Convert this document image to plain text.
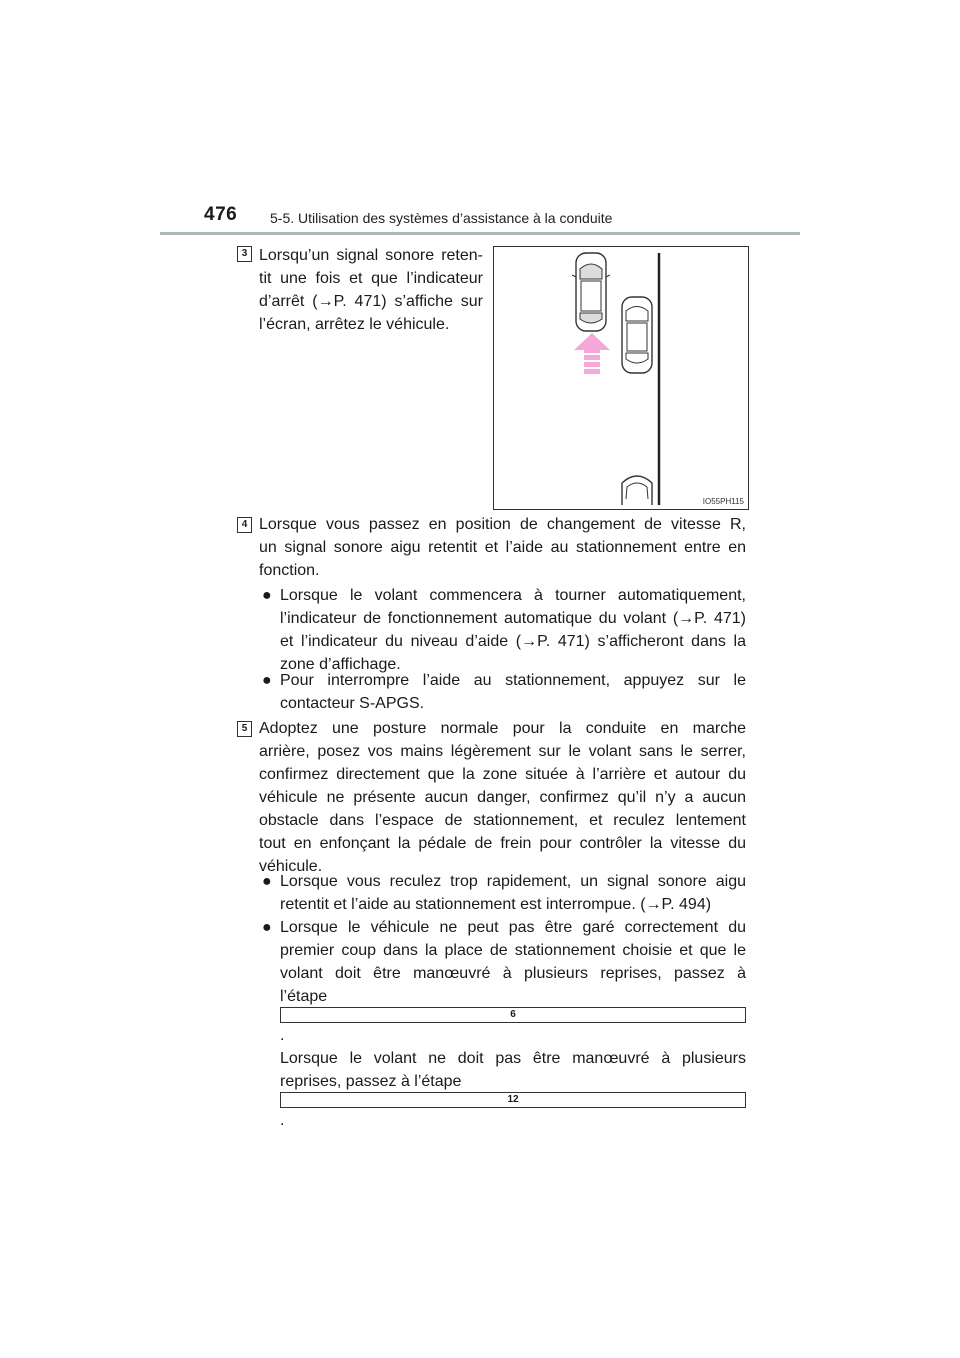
476 5-5. Utilisation des systèmes d’assistance à la conduite
3 Lorsqu’un signal sonore reten-
tit une fois et que l’indicateur
d’arrêt (→P. 471) s’affiche sur
l’écran, arrêtez le véhicule.
IO55PH115
4 Lorsque vous passez en position de changement de vitesse R,
un signal sonore aigu retentit et l’aide au stationnement entre en
fonction.
● Lorsque le volant commencera à tourner automatiquement,
l’indicateur de fonctionnement automatique du volant (→P. 471)
et l’indicateur du niveau d’aide (→P. 471) s’afficheront dans la
zone d’affichage.
● Pour interrompre l’aide au stationnement, appuyez sur le
contacteur S-APGS.
5 Adoptez une posture normale pour la conduite en marche
arrière, posez vos mains légèrement sur le volant sans le serrer,
confirmez directement que la zone située à l’arrière et autour du
véhicule ne présente aucun danger, confirmez qu’il n’y a aucun
obstacle dans l’espace de stationnement, et reculez lentement
tout en enfonçant la pédale de frein pour contrôler la vitesse du
véhicule.
● Lorsque vous reculez trop rapidement, un signal sonore aigu
retentit et l’aide au stationnement est interrompue. (→P. 494)
● Lorsque le véhicule ne peut pas être garé correctement du
premier coup dans la place de stationnement choisie et que le
volant doit être manœuvré à plusieurs reprises, passez à
l’étape
6
.
Lorsque le volant ne doit pas être manœuvré à plusieurs
reprises, passez à l’étape
12
.
